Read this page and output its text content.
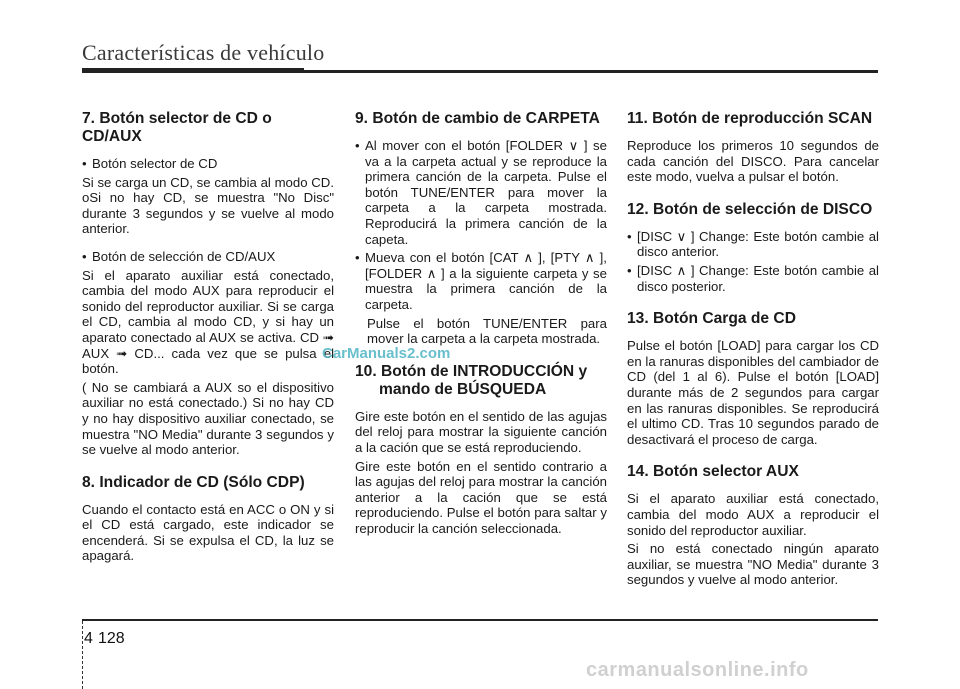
Características de vehículo
7. Botón selector de CD o CD/AUX
• Botón selector de CD

Si se carga un CD, se cambia al modo CD. oSi no hay CD, se muestra "No Disc" durante 3 segundos y se vuelve al modo anterior.

• Botón de selección de CD/AUX

Si el aparato auxiliar está conectado, cambia del modo AUX para reproducir el sonido del reproductor auxiliar. Si se carga el CD, cambia al modo CD, y si hay un aparato conectado al AUX se activa. CD ➟ AUX ➟ CD... cada vez que se pulsa el botón.

( No se cambiará a AUX so el dispositivo auxiliar no está conectado.) Si no hay CD y no hay dispositivo auxiliar conectado, se muestra "NO Media" durante 3 segundos y se vuelve al modo anterior.

8. Indicador de CD (Sólo CDP)

Cuando el contacto está en ACC o ON y si el CD está cargado, este indicador se encenderá. Si se expulsa el CD, la luz se apagará.

9. Botón de cambio de CARPETA
• Al mover con el botón [FOLDER ∨ ] se va a la carpeta actual y se reproduce la primera canción de la carpeta. Pulse el botón TUNE/ENTER para mover la carpeta a la carpeta mostrada. Reproducirá la primera canción de la capeta.
• Mueva con el botón [CAT ∧ ], [PTY ∧ ], [FOLDER ∧ ] a la siguiente carpeta y se muestra la primera canción de la carpeta.

Pulse el botón TUNE/ENTER para mover la carpeta a la carpeta mostrada.

10. Botón de INTRODUCCIÓN y mando de BÚSQUEDA

Gire este botón en el sentido de las agujas del reloj para mostrar la siguiente canción a la cación que se está reproduciendo.

Gire este botón en el sentido contrario a las agujas del reloj para mostrar la canción anterior a la cación que se está reproduciendo. Pulse el botón para saltar y reproducir la canción seleccionada.

11. Botón de reproducción SCAN

Reproduce los primeros 10 segundos de cada canción del DISCO. Para cancelar este modo, vuelva a pulsar el botón.

12. Botón de selección de DISCO
• [DISC ∨ ] Change: Este botón cambie al disco anterior.
• [DISC ∧ ] Change: Este botón cambie al disco posterior.
13. Botón Carga de CD

Pulse el botón [LOAD] para cargar los CD en la ranuras disponibles del cambiador de CD (del 1 al 6). Pulse el botón [LOAD] durante más de 2 segundos para cargar en las ranuras disponibles. Se reproducirá el ultimo CD. Tras 10 segundos parado de desactivará el proceso de carga.

14. Botón selector AUX

Si el aparato auxiliar está conectado, cambia del modo AUX a reproducir el sonido del reproductor auxiliar.

Si no está conectado ningún aparato auxiliar, se muestra "NO Media" durante 3 segundos y vuelve al modo anterior.

CarManuals2.com
4 128
carmanualsonline.info
